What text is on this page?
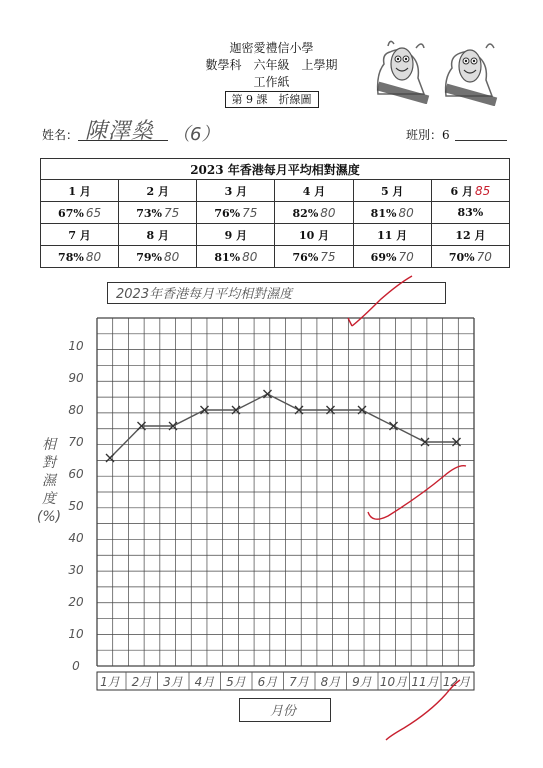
迦密愛禮信小學
數學科　六年級　上學期
工作紙
第 9 課　折線圖
姓名： 陳澤燊 （6）	班別：6
2023 年香港每月平均相對濕度					
1 月	2 月	3 月	4 月	5 月	6 月 85
67% 65	73% 75	76% 75	82% 80	81% 80	83%
7 月	8 月	9 月	10 月	11 月	12 月
78% 80	79% 80	81% 80	76% 75	69% 70	70% 70
2023年香港每月平均相對濕度
月份
相對濕度(%)
0
10
20
30
40
50
60
70
80
90
10
1月 2月 3月 4月 5月 6月 7月 8月 9月 10月 11月 12月
